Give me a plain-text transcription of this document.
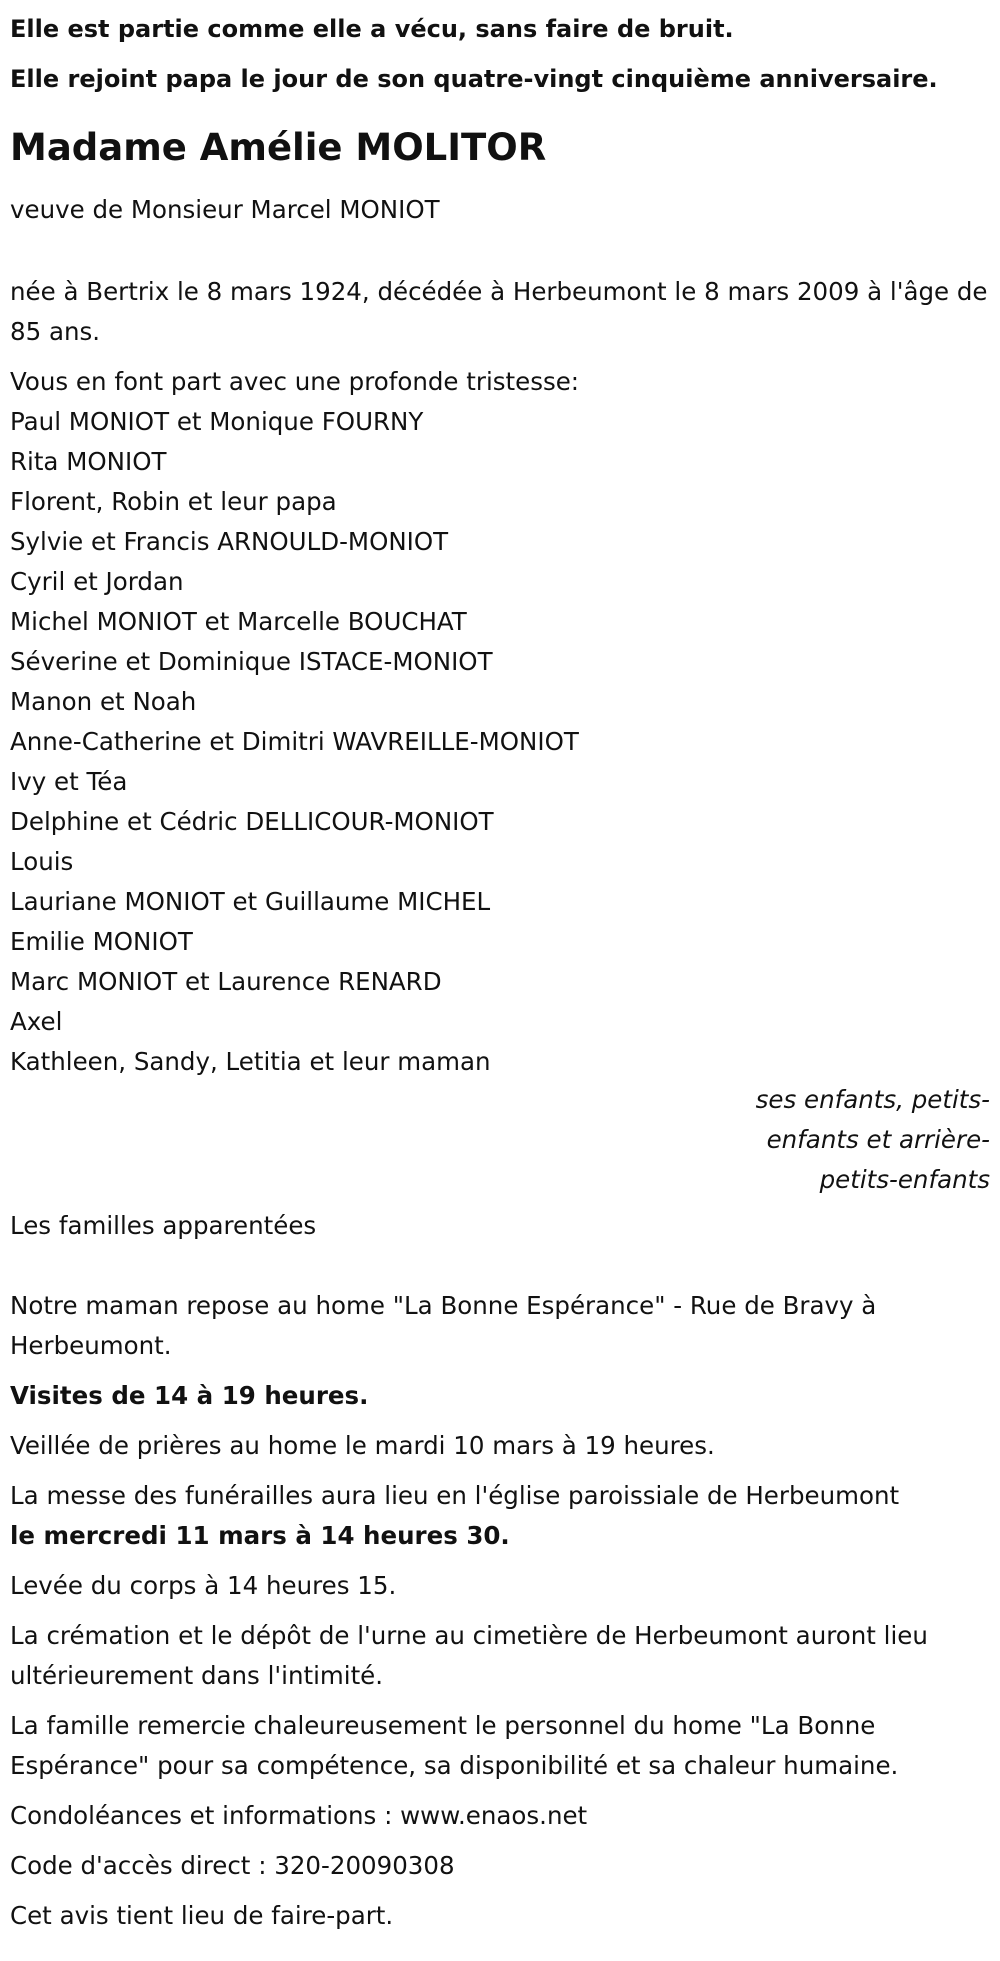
Elle est partie comme elle a vécu, sans faire de bruit.

Elle rejoint papa le jour de son quatre-vingt cinquième anniversaire.

Madame Amélie MOLITOR

veuve de Monsieur Marcel MONIOT

née à Bertrix le 8 mars 1924, décédée à Herbeumont le 8 mars 2009 à l'âge de 85 ans.

Vous en font part avec une profonde tristesse:

Paul MONIOT et Monique FOURNY
Rita MONIOT
Florent, Robin et leur papa
Sylvie et Francis ARNOULD-MONIOT
Cyril et Jordan
Michel MONIOT et Marcelle BOUCHAT
Séverine et Dominique ISTACE-MONIOT
Manon et Noah
Anne-Catherine et Dimitri WAVREILLE-MONIOT
Ivy et Téa
Delphine et Cédric DELLICOUR-MONIOT
Louis
Lauriane MONIOT et Guillaume MICHEL
Emilie MONIOT
Marc MONIOT et Laurence RENARD
Axel
Kathleen, Sandy, Letitia et leur maman

ses enfants, petits-enfants et arrière-petits-enfants

Les familles apparentées

Notre maman repose au home "La Bonne Espérance" - Rue de Bravy à Herbeumont.

Visites de 14 à 19 heures.

Veillée de prières au home le mardi 10 mars à 19 heures.

La messe des funérailles aura lieu en l'église paroissiale de Herbeumont
le mercredi 11 mars à 14 heures 30.

Levée du corps à 14 heures 15.

La crémation et le dépôt de l'urne au cimetière de Herbeumont auront lieu ultérieurement dans l'intimité.

La famille remercie chaleureusement le personnel du home "La Bonne Espérance" pour sa compétence, sa disponibilité et sa chaleur humaine.

Condoléances et informations : www.enaos.net

Code d'accès direct : 320-20090308

Cet avis tient lieu de faire-part.
